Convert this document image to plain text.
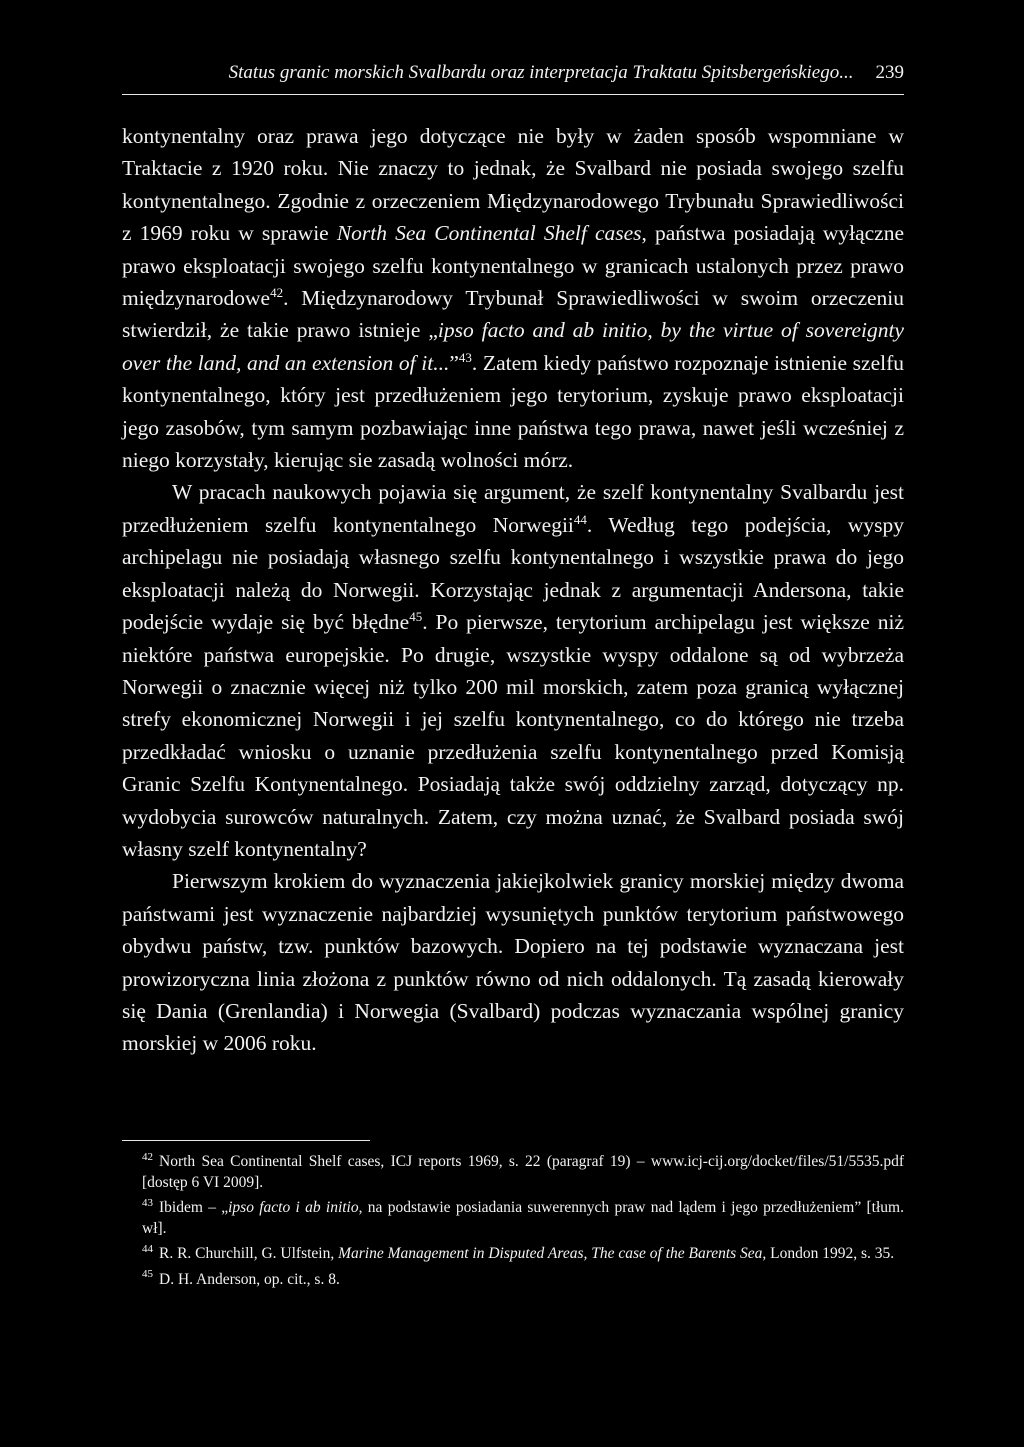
Status granic morskich Svalbardu oraz interpretacja Traktatu Spitsbergeńskiego... 239

kontynentalny oraz prawa jego dotyczące nie były w żaden sposób wspomniane w Traktacie z 1920 roku. Nie znaczy to jednak, że Svalbard nie posiada swojego szelfu kontynentalnego. Zgodnie z orzeczeniem Międzynarodowego Trybunału Sprawiedliwości z 1969 roku w sprawie North Sea Continental Shelf cases, państwa posiadają wyłączne prawo eksploatacji swojego szelfu kontynentalnego w granicach ustalonych przez prawo międzynarodowe$^{42}$. Międzynarodowy Trybunał Sprawiedliwości w swoim orzeczeniu stwierdził, że takie prawo istnieje „ipso facto and ab initio, by the virtue of sovereignty over the land, and an extension of it...”$^{43}$. Zatem kiedy państwo rozpoznaje istnienie szelfu kontynentalnego, który jest przedłużeniem jego terytorium, zyskuje prawo eksploatacji jego zasobów, tym samym pozbawiając inne państwa tego prawa, nawet jeśli wcześniej z niego korzystały, kierując sie zasadą wolności mórz.

W pracach naukowych pojawia się argument, że szelf kontynentalny Svalbardu jest przedłużeniem szelfu kontynentalnego Norwegii$^{44}$. Według tego podejścia, wyspy archipelagu nie posiadają własnego szelfu kontynentalnego i wszystkie prawa do jego eksploatacji należą do Norwegii. Korzystając jednak z argumentacji Andersona, takie podejście wydaje się być błędne$^{45}$. Po pierwsze, terytorium archipelagu jest większe niż niektóre państwa europejskie. Po drugie, wszystkie wyspy oddalone są od wybrzeża Norwegii o znacznie więcej niż tylko 200 mil morskich, zatem poza granicą wyłącznej strefy ekonomicznej Norwegii i jej szelfu kontynentalnego, co do którego nie trzeba przedkładać wniosku o uznanie przedłużenia szelfu kontynentalnego przed Komisją Granic Szelfu Kontynentalnego. Posiadają także swój oddzielny zarząd, dotyczący np. wydobycia surowców naturalnych. Zatem, czy można uznać, że Svalbard posiada swój własny szelf kontynentalny?

Pierwszym krokiem do wyznaczenia jakiejkolwiek granicy morskiej między dwoma państwami jest wyznaczenie najbardziej wysuniętych punktów terytorium państwowego obydwu państw, tzw. punktów bazowych. Dopiero na tej podstawie wyznaczana jest prowizoryczna linia złożona z punktów równo od nich oddalonych. Tą zasadą kierowały się Dania (Grenlandia) i Norwegia (Svalbard) podczas wyznaczania wspólnej granicy morskiej w 2006 roku.

$^{42}$ North Sea Continental Shelf cases, ICJ reports 1969, s. 22 (paragraf 19) – www.icj-cij.org/docket/files/51/5535.pdf [dostęp 6 VI 2009].

$^{43}$ Ibidem – „ipso facto i ab initio, na podstawie posiadania suwerennych praw nad lądem i jego przedłużeniem” [tłum. wł].

$^{44}$ R. R. Churchill, G. Ulfstein, Marine Management in Disputed Areas, The case of the Barents Sea, London 1992, s. 35.

$^{45}$ D. H. Anderson, op. cit., s. 8.
